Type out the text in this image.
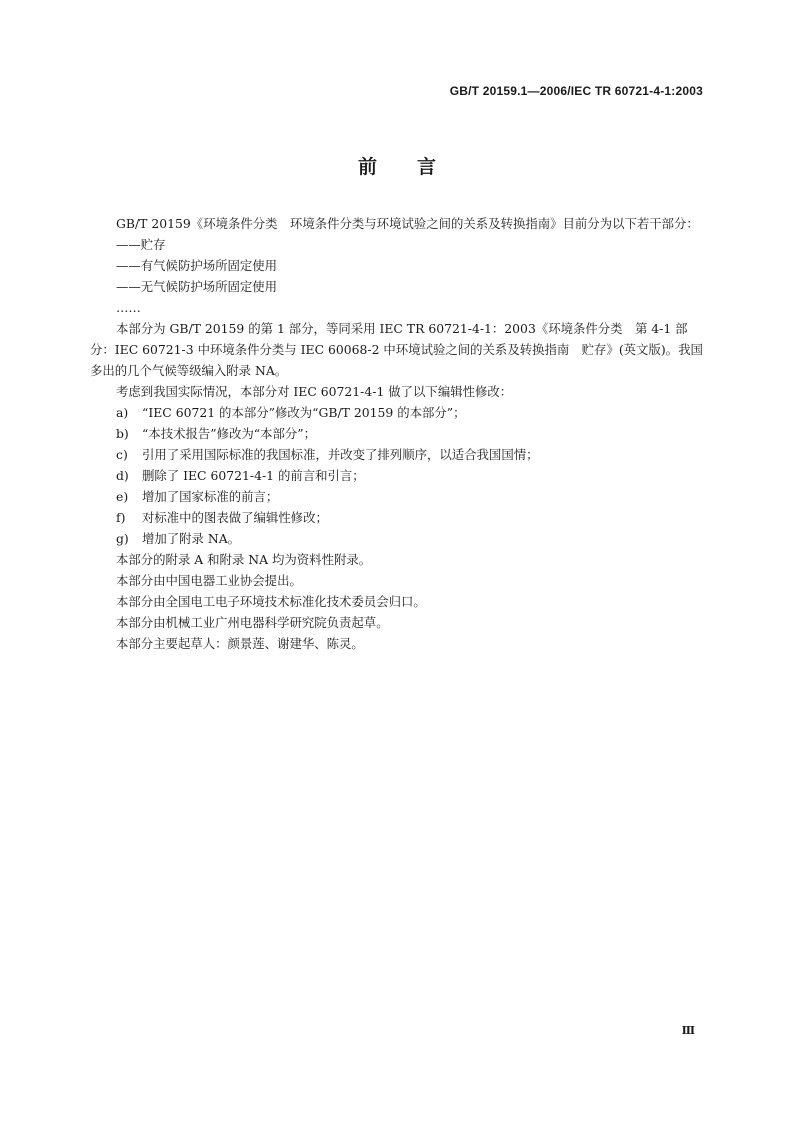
GB/T 20159.1—2006/IEC TR 60721-4-1:2003
前 言

GB/T 20159《环境条件分类　环境条件分类与环境试验之间的关系及转换指南》目前分为以下若干部分：

——贮存
——有气候防护场所固定使用
——无气候防护场所固定使用
……

本部分为 GB/T 20159 的第 1 部分，等同采用 IEC TR 60721-4-1：2003《环境条件分类　第 4-1 部分：IEC 60721-3 中环境条件分类与 IEC 60068-2 中环境试验之间的关系及转换指南　贮存》(英文版)。我国多出的几个气候等级编入附录 NA。

考虑到我国实际情况，本部分对 IEC 60721-4-1 做了以下编辑性修改：

a) “IEC 60721 的本部分”修改为“GB/T 20159 的本部分”；
b) “本技术报告”修改为“本部分”；
c) 引用了采用国际标准的我国标准，并改变了排列顺序，以适合我国国情；
d) 删除了 IEC 60721-4-1 的前言和引言；
e) 增加了国家标准的前言；
f) 对标准中的图表做了编辑性修改；
g) 增加了附录 NA。

本部分的附录 A 和附录 NA 均为资料性附录。

本部分由中国电器工业协会提出。

本部分由全国电工电子环境技术标准化技术委员会归口。

本部分由机械工业广州电器科学研究院负责起草。

本部分主要起草人：颜景莲、谢建华、陈灵。

Ⅲ
